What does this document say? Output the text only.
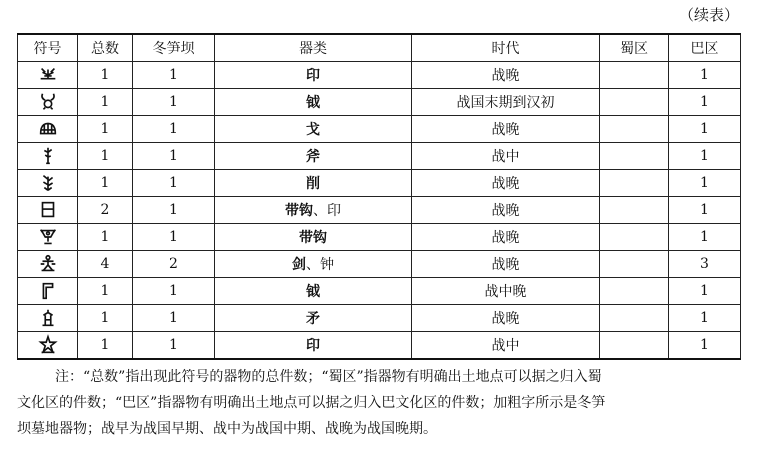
（续表）
符号	总数	冬笋坝	器类	时代	蜀区	巴区

	1	1	印	战晚		1

	1	1	钺	战国末期到汉初		1

	1	1	戈	战晚		1

	1	1	斧	战中		1

	1	1	削	战晚		1

	2	1	带钩、印	战晚		1

	1	1	带钩	战晚		1

	4	2	剑、钟	战晚		3

	1	1	钺	战中晚		1

	1	1	矛	战晚		1

	1	1	印	战中		1

注：“总数”指出现此符号的器物的总件数；“蜀区”指器物有明确出土地点可以据之归入蜀

文化区的件数；“巴区”指器物有明确出土地点可以据之归入巴文化区的件数；加粗字所示是冬笋

坝墓地器物；战早为战国早期、战中为战国中期、战晚为战国晚期。
